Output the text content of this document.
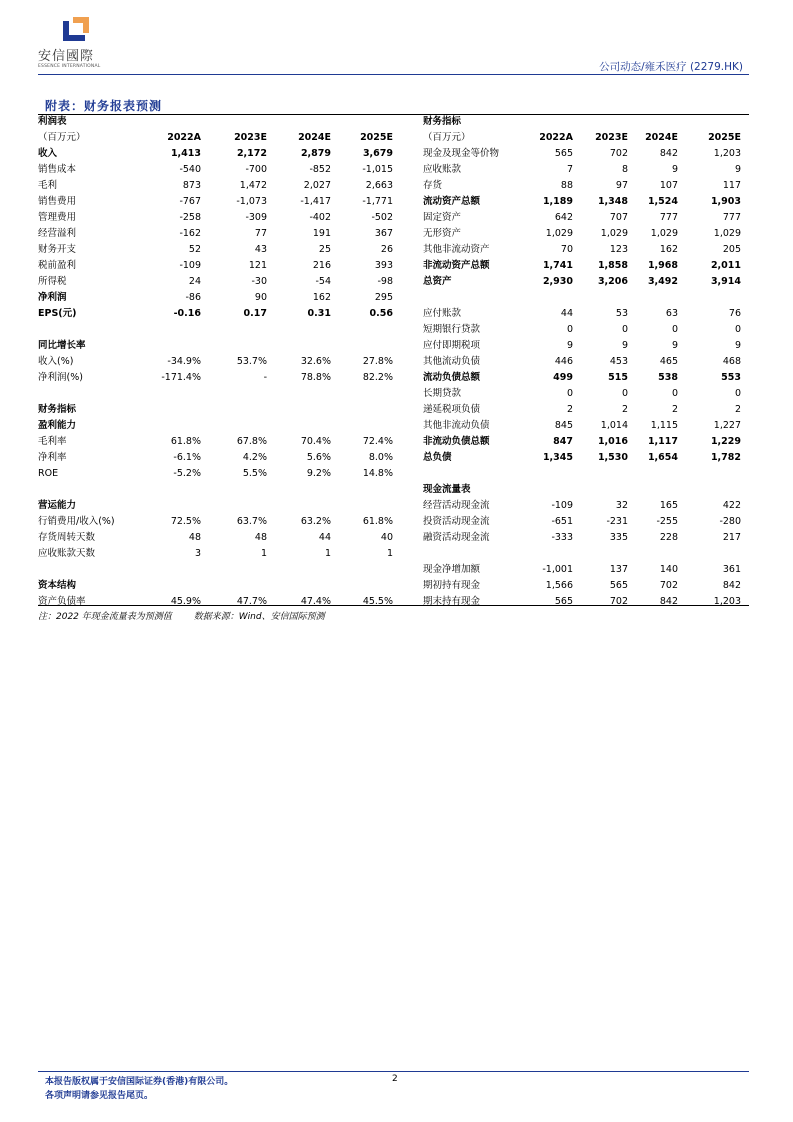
安信國際
ESSENCE INTERNATIONAL	公司动态/雍禾医疗 (2279.HK)
附表：财务报表预测
利润表				
（百万元）	2022A	2023E	2024E	2025E
收入	1,413	2,172	2,879	3,679
销售成本	-540	-700	-852	-1,015
毛利	873	1,472	2,027	2,663
销售费用	-767	-1,073	-1,417	-1,771
管理费用	-258	-309	-402	-502
经营溢利	-162	77	191	367
财务开支	52	43	25	26
税前盈利	-109	121	216	393
所得税	24	-30	-54	-98
净利润	-86	90	162	295
EPS(元)	-0.16	0.17	0.31	0.56

同比增长率				
收入(%)	-34.9%	53.7%	32.6%	27.8%
净利润(%)	-171.4%	-	78.8%	82.2%

财务指标				
盈利能力				
毛利率	61.8%	67.8%	70.4%	72.4%
净利率	-6.1%	4.2%	5.6%	8.0%
ROE	-5.2%	5.5%	9.2%	14.8%

营运能力				
行销费用/收入(%)	72.5%	63.7%	63.2%	61.8%
存货周转天数	48	48	44	40
应收账款天数	3	1	1	1

资本结构				
资产负债率	45.9%	47.7%	47.4%	45.5%
财务指标				
（百万元）	2022A	2023E	2024E	2025E
现金及现金等价物	565	702	842	1,203
应收账款	7	8	9	9
存货	88	97	107	117
流动资产总额	1,189	1,348	1,524	1,903
固定资产	642	707	777	777
无形资产	1,029	1,029	1,029	1,029
其他非流动资产	70	123	162	205
非流动资产总额	1,741	1,858	1,968	2,011
总资产	2,930	3,206	3,492	3,914

应付账款	44	53	63	76
短期银行贷款	0	0	0	0
应付即期税项	9	9	9	9
其他流动负债	446	453	465	468
流动负债总额	499	515	538	553
长期贷款	0	0	0	0
递延税项负债	2	2	2	2
其他非流动负债	845	1,014	1,115	1,227
非流动负债总额	847	1,016	1,117	1,229
总负债	1,345	1,530	1,654	1,782

现金流量表				
经营活动现金流	-109	32	165	422
投资活动现金流	-651	-231	-255	-280
融资活动现金流	-333	335	228	217

现金净增加额	-1,001	137	140	361
期初持有现金	1,566	565	702	842
期末持有现金	565	702	842	1,203
注：2022 年现金流量表为预测值 数据来源：Wind、安信国际预测
本报告版权属于安信国际证券(香港)有限公司。
各项声明请参见报告尾页。
2
